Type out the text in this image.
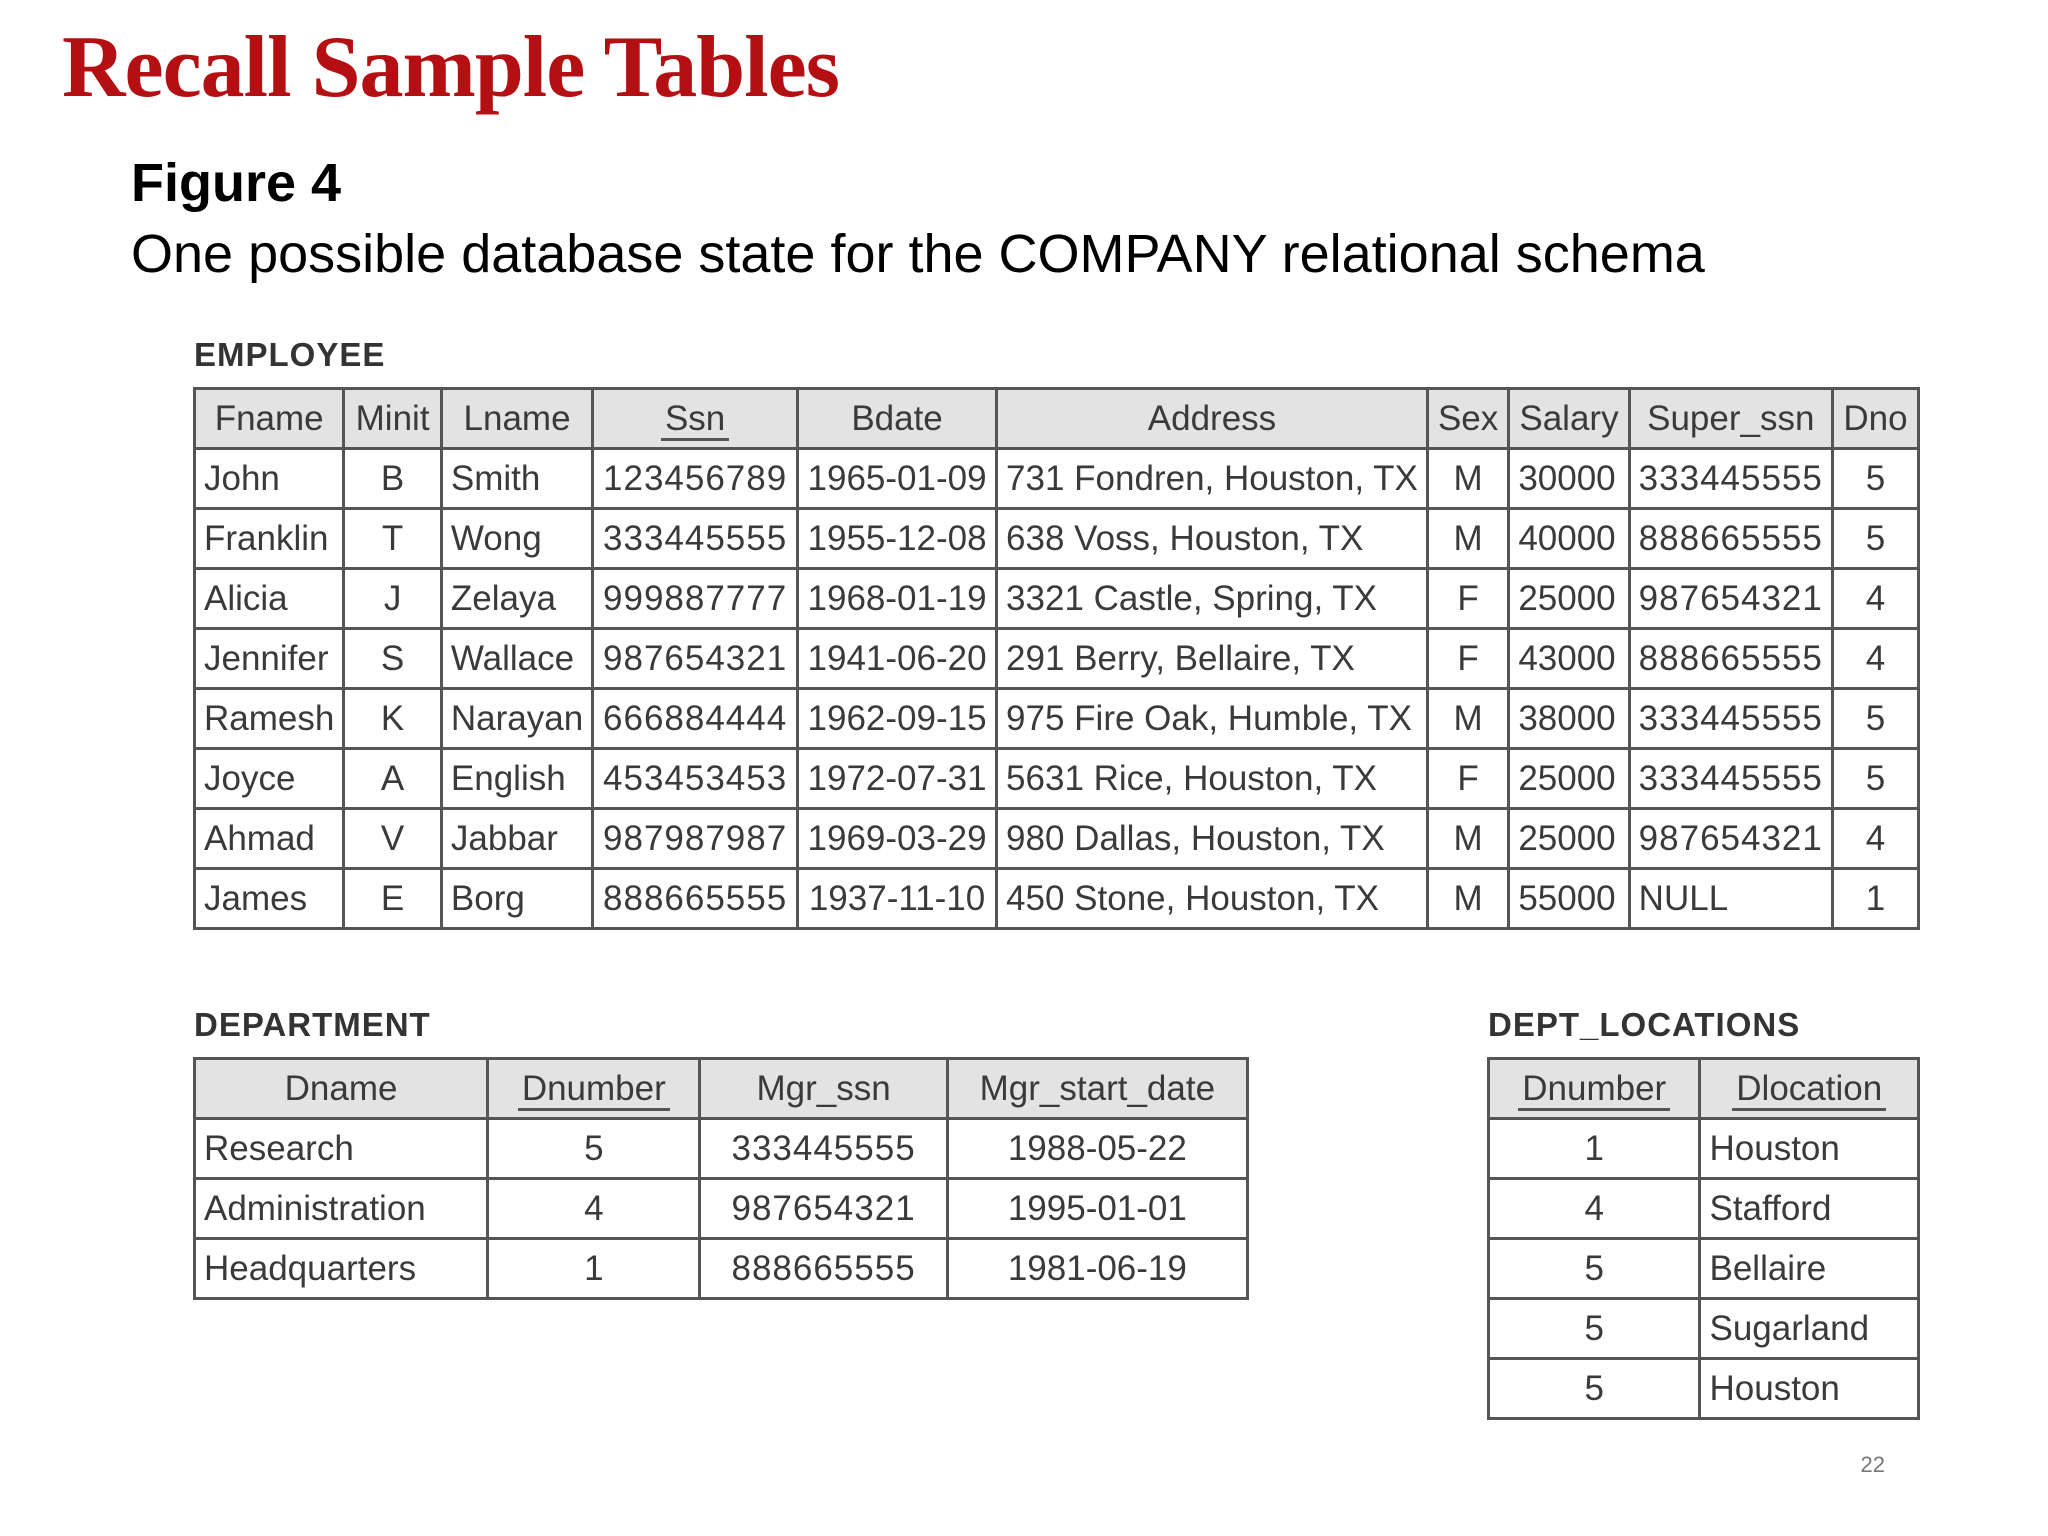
Recall Sample Tables
Figure 4
One possible database state for the COMPANY relational schema
EMPLOYEE
Fname	Minit	Lname	Ssn	Bdate	Address	Sex	Salary	Super_ssn	Dno
John	B	Smith	123456789	1965-01-09	731 Fondren, Houston, TX	M	30000	333445555	5
Franklin	T	Wong	333445555	1955-12-08	638 Voss, Houston, TX	M	40000	888665555	5
Alicia	J	Zelaya	999887777	1968-01-19	3321 Castle, Spring, TX	F	25000	987654321	4
Jennifer	S	Wallace	987654321	1941-06-20	291 Berry, Bellaire, TX	F	43000	888665555	4
Ramesh	K	Narayan	666884444	1962-09-15	975 Fire Oak, Humble, TX	M	38000	333445555	5
Joyce	A	English	453453453	1972-07-31	5631 Rice, Houston, TX	F	25000	333445555	5
Ahmad	V	Jabbar	987987987	1969-03-29	980 Dallas, Houston, TX	M	25000	987654321	4
James	E	Borg	888665555	1937-11-10	450 Stone, Houston, TX	M	55000	NULL	1
DEPARTMENT
Dname	Dnumber	Mgr_ssn	Mgr_start_date
Research	5	333445555	1988-05-22
Administration	4	987654321	1995-01-01
Headquarters	1	888665555	1981-06-19
DEPT_LOCATIONS
Dnumber	Dlocation
1	Houston
4	Stafford
5	Bellaire
5	Sugarland
5	Houston
22
